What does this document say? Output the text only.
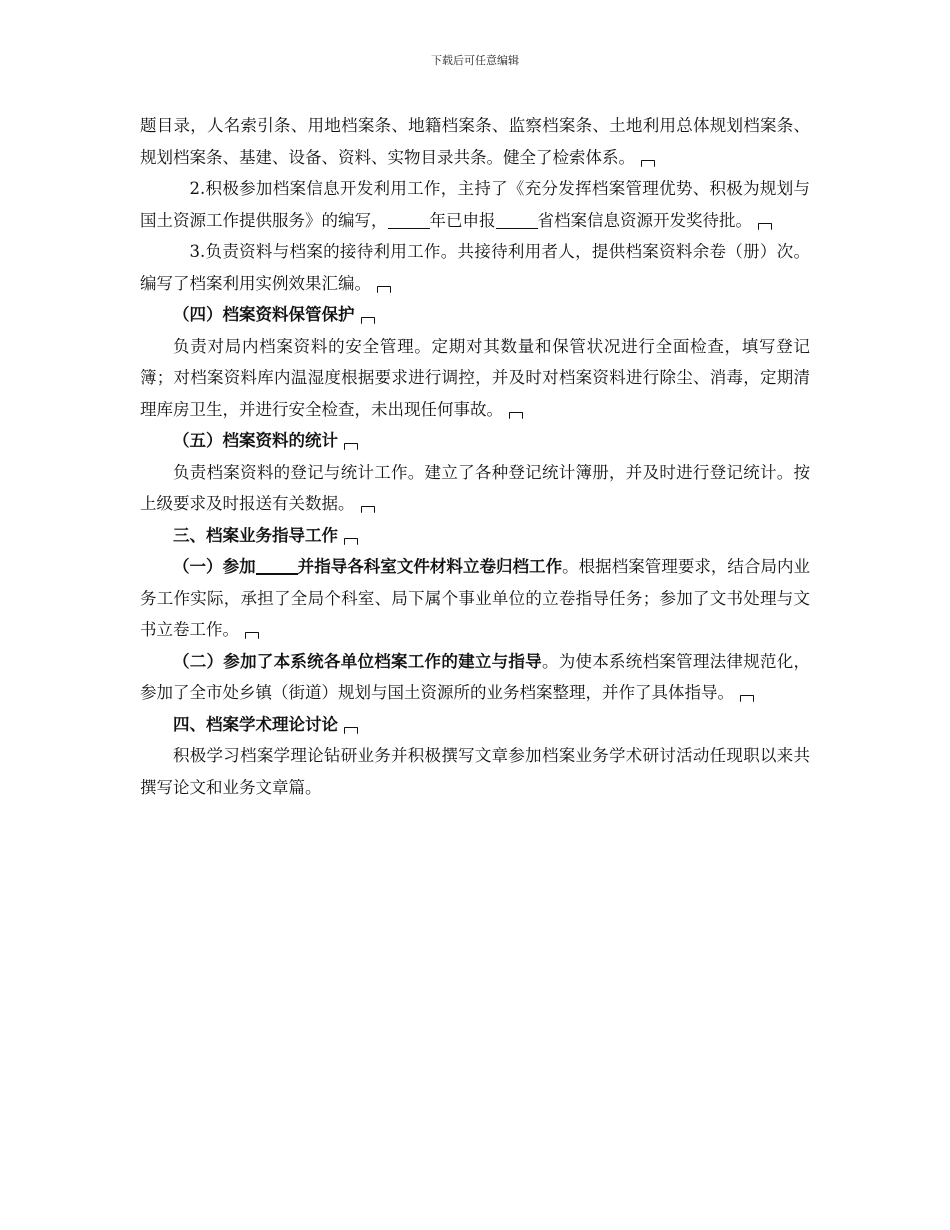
下载后可任意编辑

题目录，人名索引条、用地档案条、地籍档案条、监察档案条、土地利用总体规划档案条、规划档案条、基建、设备、资料、实物目录共条。健全了检索体系。

2.积极参加档案信息开发利用工作，主持了《充分发挥档案管理优势、积极为规划与国土资源工作提供服务》的编写，	年已申报	省档案信息资源开发奖待批。

3.负责资料与档案的接待利用工作。共接待利用者人，提供档案资料余卷（册）次。编写了档案利用实例效果汇编。

（四）档案资料保管保护

负责对局内档案资料的安全管理。定期对其数量和保管状况进行全面检查，填写登记簿；对档案资料库内温湿度根据要求进行调控，并及时对档案资料进行除尘、消毒，定期清理库房卫生，并进行安全检查，未出现任何事故。

（五）档案资料的统计

负责档案资料的登记与统计工作。建立了各种登记统计簿册，并及时进行登记统计。按上级要求及时报送有关数据。

三、档案业务指导工作

（一）参加	并指导各科室文件材料立卷归档工作。根据档案管理要求，结合局内业务工作实际，承担了全局个科室、局下属个事业单位的立卷指导任务；参加了文书处理与文书立卷工作。

（二）参加了本系统各单位档案工作的建立与指导。为使本系统档案管理法律规范化，参加了全市处乡镇（街道）规划与国土资源所的业务档案整理，并作了具体指导。

四、档案学术理论讨论

积极学习档案学理论钻研业务并积极撰写文章参加档案业务学术研讨活动任现职以来共撰写论文和业务文章篇。
